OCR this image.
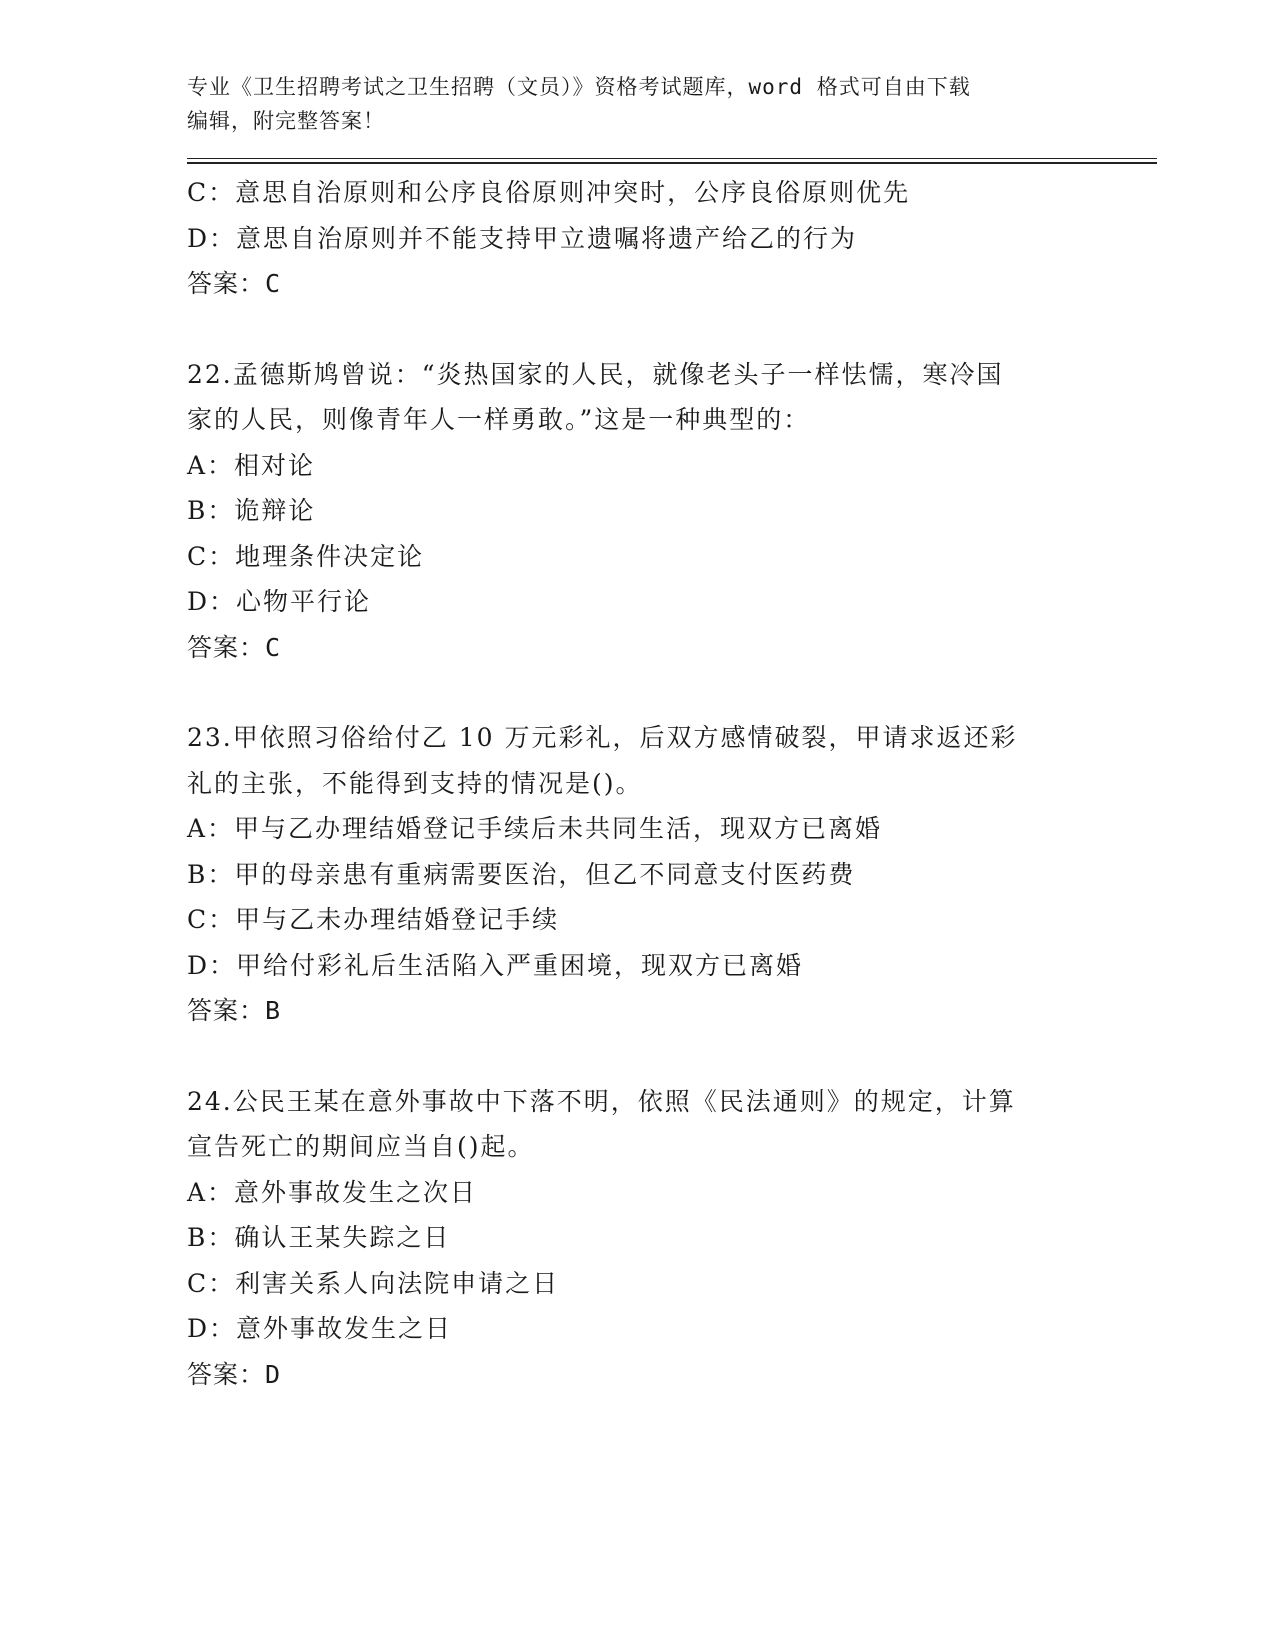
专业《卫生招聘考试之卫生招聘（文员）》资格考试题库，word 格式可自由下载
编辑，附完整答案！
C：意思自治原则和公序良俗原则冲突时，公序良俗原则优先
D：意思自治原则并不能支持甲立遗嘱将遗产给乙的行为
答案：C
22.孟德斯鸠曾说：“炎热国家的人民，就像老头子一样怯懦，寒冷国
家的人民，则像青年人一样勇敢。”这是一种典型的：
A：相对论
B：诡辩论
C：地理条件决定论
D：心物平行论
答案：C
23.甲依照习俗给付乙 10 万元彩礼，后双方感情破裂，甲请求返还彩
礼的主张，不能得到支持的情况是()。
A：甲与乙办理结婚登记手续后未共同生活，现双方已离婚
B：甲的母亲患有重病需要医治，但乙不同意支付医药费
C：甲与乙未办理结婚登记手续
D：甲给付彩礼后生活陷入严重困境，现双方已离婚
答案：B
24.公民王某在意外事故中下落不明，依照《民法通则》的规定，计算
宣告死亡的期间应当自()起。
A：意外事故发生之次日
B：确认王某失踪之日
C：利害关系人向法院申请之日
D：意外事故发生之日
答案：D
